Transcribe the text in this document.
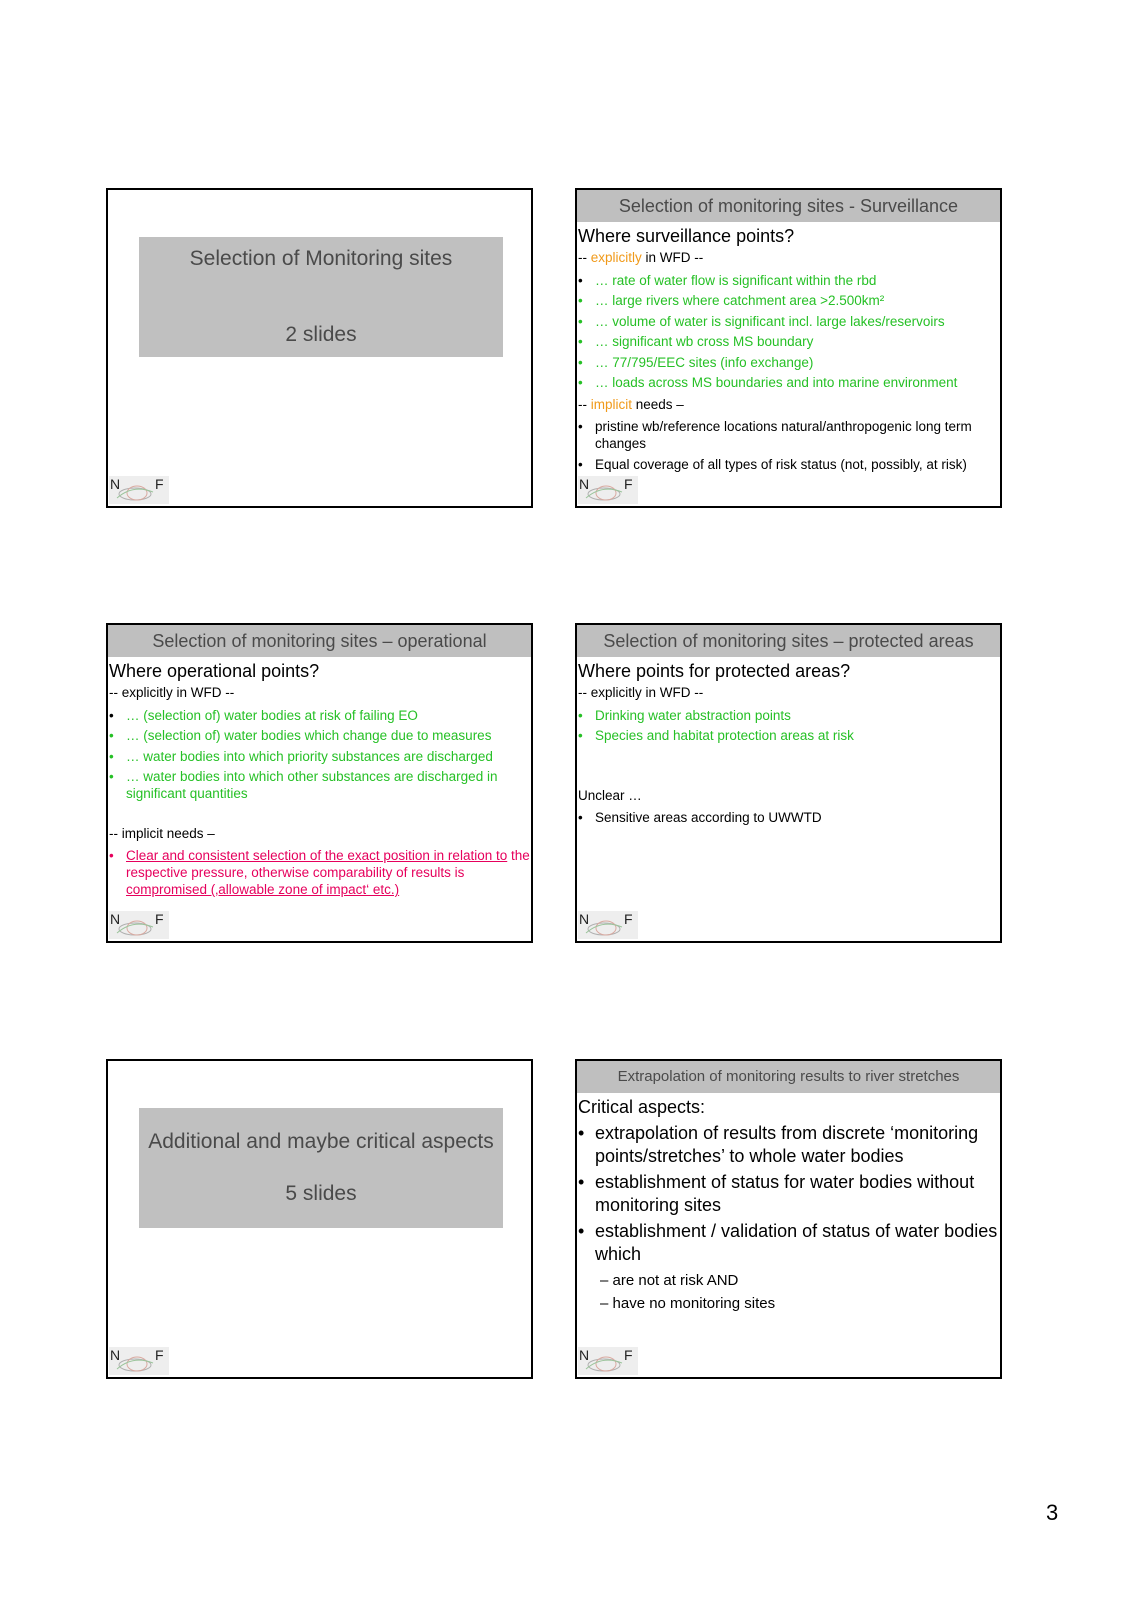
Selection of Monitoring sites
2 slides
N F
Selection of monitoring sites - Surveillance
Where surveillance points?
-- explicitly in WFD --
• … rate of water flow is significant within the rbd
• … large rivers where catchment area >2.500km²
• … volume of water is significant incl. large lakes/reservoirs
• … significant wb cross MS boundary
• … 77/795/EEC sites (info exchange)
• … loads across MS boundaries and into marine environment
-- implicit needs –
• pristine wb/reference locations natural/anthropogenic long term changes
• Equal coverage of all types of risk status (not, possibly, at risk)
N F
Selection of monitoring sites – operational
Where operational points?
-- explicitly in WFD --
• … (selection of) water bodies at risk of failing EO
• … (selection of) water bodies which change due to measures
• … water bodies into which priority substances are discharged
• … water bodies into which other substances are discharged in significant quantities
-- implicit needs –
• Clear and consistent selection of the exact position in relation to the respective pressure, otherwise comparability of results is compromised (‚allowable zone of impact‘ etc.)
N F
Selection of monitoring sites – protected areas
Where points for protected areas?
-- explicitly in WFD --
• Drinking water abstraction points
• Species and habitat protection areas at risk
Unclear …
• Sensitive areas according to UWWTD
N F
Additional and maybe critical aspects
5 slides
N F
Extrapolation of monitoring results to river stretches
Critical aspects:
• extrapolation of results from discrete ‘monitoring points/stretches’ to whole water bodies
• establishment of status for water bodies without monitoring sites
• establishment / validation of status of water bodies which
– are not at risk AND
– have no monitoring sites
N F
3
